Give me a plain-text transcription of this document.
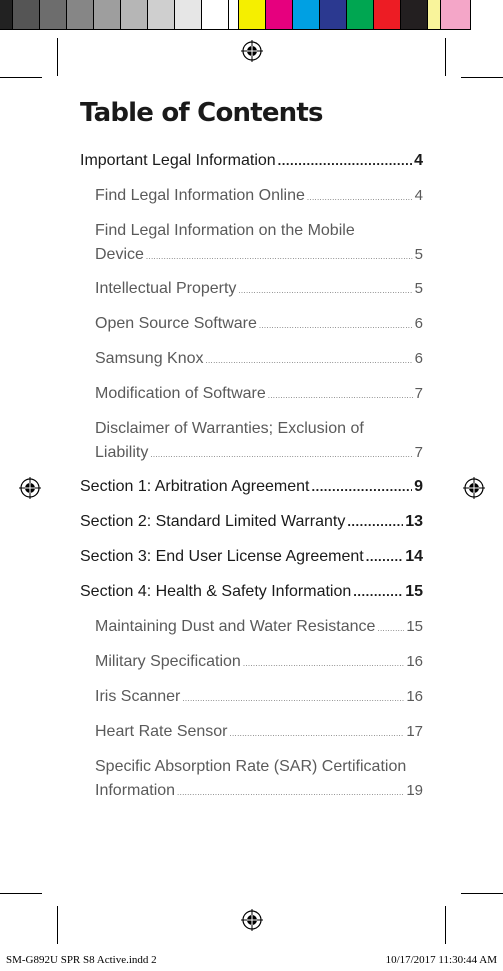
Table of Contents
Important Legal Information .....	4
Find Legal Information Online .....	4
Find Legal Information on the Mobile
Device .....	5
Intellectual Property .....	5
Open Source Software .....	6
Samsung Knox .....	6
Modification of Software .....	7
Disclaimer of Warranties; Exclusion of
Liability .....	7
Section 1: Arbitration Agreement .....	9
Section 2: Standard Limited Warranty .....	13
Section 3: End User License Agreement .....	14
Section 4: Health & Safety Information .....	15
Maintaining Dust and Water Resistance ..... 15
Military Specification .....	16
Iris Scanner .....	16
Heart Rate Sensor .....	17
Specific Absorption Rate (SAR) Certification
Information .....	19
SM-G892U SPR S8 Active.indd 2	10/17/2017 11:30:44 AM
